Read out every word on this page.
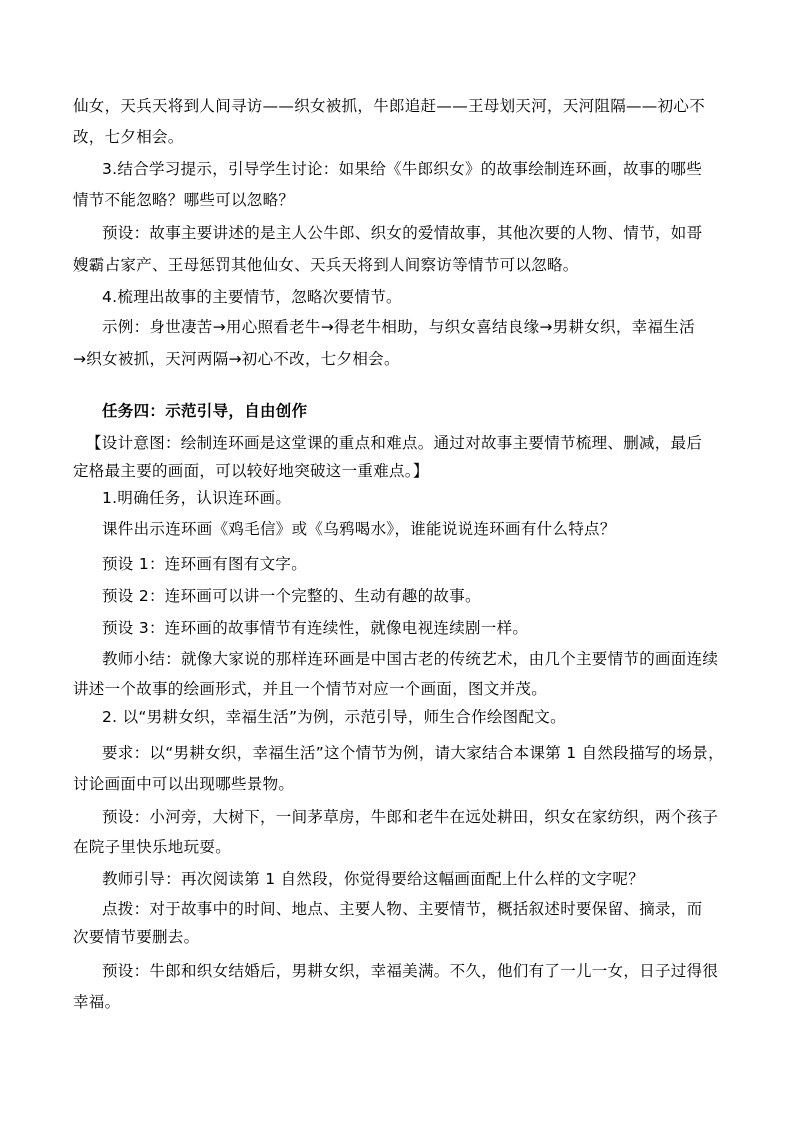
仙女，天兵天将到人间寻访——织女被抓，牛郎追赶——王母划天河，天河阻隔——初心不
改，七夕相会。
3.结合学习提示，引导学生讨论：如果给《牛郎织女》的故事绘制连环画，故事的哪些
情节不能忽略？哪些可以忽略？
预设：故事主要讲述的是主人公牛郎、织女的爱情故事，其他次要的人物、情节，如哥
嫂霸占家产、王母惩罚其他仙女、天兵天将到人间察访等情节可以忽略。
4.梳理出故事的主要情节，忽略次要情节。
示例：身世凄苦→用心照看老牛→得老牛相助，与织女喜结良缘→男耕女织，幸福生活
→织女被抓，天河两隔→初心不改，七夕相会。
任务四：示范引导，自由创作
【设计意图：绘制连环画是这堂课的重点和难点。通过对故事主要情节梳理、删减，最后
定格最主要的画面，可以较好地突破这一重难点。】
1.明确任务，认识连环画。
课件出示连环画《鸡毛信》或《乌鸦喝水》，谁能说说连环画有什么特点？
预设 1：连环画有图有文字。
预设 2：连环画可以讲一个完整的、生动有趣的故事。
预设 3：连环画的故事情节有连续性，就像电视连续剧一样。
教师小结：就像大家说的那样连环画是中国古老的传统艺术，由几个主要情节的画面连续
讲述一个故事的绘画形式，并且一个情节对应一个画面，图文并茂。
2. 以“男耕女织，幸福生活”为例，示范引导，师生合作绘图配文。
要求：以“男耕女织，幸福生活”这个情节为例，请大家结合本课第 1 自然段描写的场景，
讨论画面中可以出现哪些景物。
预设：小河旁，大树下，一间茅草房，牛郎和老牛在远处耕田，织女在家纺织，两个孩子
在院子里快乐地玩耍。
教师引导：再次阅读第 1 自然段，你觉得要给这幅画面配上什么样的文字呢？
点拨：对于故事中的时间、地点、主要人物、主要情节，概括叙述时要保留、摘录，而
次要情节要删去。
预设：牛郎和织女结婚后，男耕女织，幸福美满。不久，他们有了一儿一女，日子过得很
幸福。
